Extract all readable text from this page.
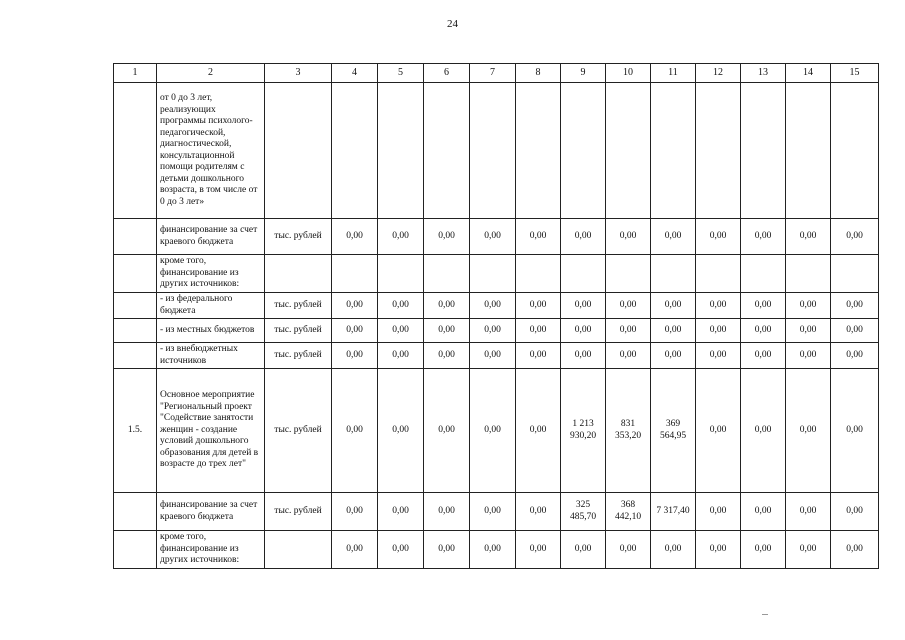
24
1	2	3	4	5	6	7	8	9	10	11	12	13	14	15
	от 0 до 3 лет, реализующих программы психолого-педагогической, диагностической, консультационной помощи родителям с детьми дошкольного возраста, в том числе от 0 до 3 лет»													
	финансирование за счет краевого бюджета	тыс. рублей	0,00	0,00	0,00	0,00	0,00	0,00	0,00	0,00	0,00	0,00	0,00	0,00
	кроме того, финансирование из других источников:													
	- из федерального бюджета	тыс. рублей	0,00	0,00	0,00	0,00	0,00	0,00	0,00	0,00	0,00	0,00	0,00	0,00
	- из местных бюджетов	тыс. рублей	0,00	0,00	0,00	0,00	0,00	0,00	0,00	0,00	0,00	0,00	0,00	0,00
	- из внебюджетных источников	тыс. рублей	0,00	0,00	0,00	0,00	0,00	0,00	0,00	0,00	0,00	0,00	0,00	0,00
1.5.	Основное мероприятие "Региональный проект "Содействие занятости женщин - создание условий дошкольного образования для детей в возрасте до трех лет"	тыс. рублей	0,00	0,00	0,00	0,00	0,00	1 213 930,20	831 353,20	369 564,95	0,00	0,00	0,00	0,00
	финансирование за счет краевого бюджета	тыс. рублей	0,00	0,00	0,00	0,00	0,00	325 485,70	368 442,10	7 317,40	0,00	0,00	0,00	0,00
	кроме того, финансирование из других источников:		0,00	0,00	0,00	0,00	0,00	0,00	0,00	0,00	0,00	0,00	0,00	0,00
